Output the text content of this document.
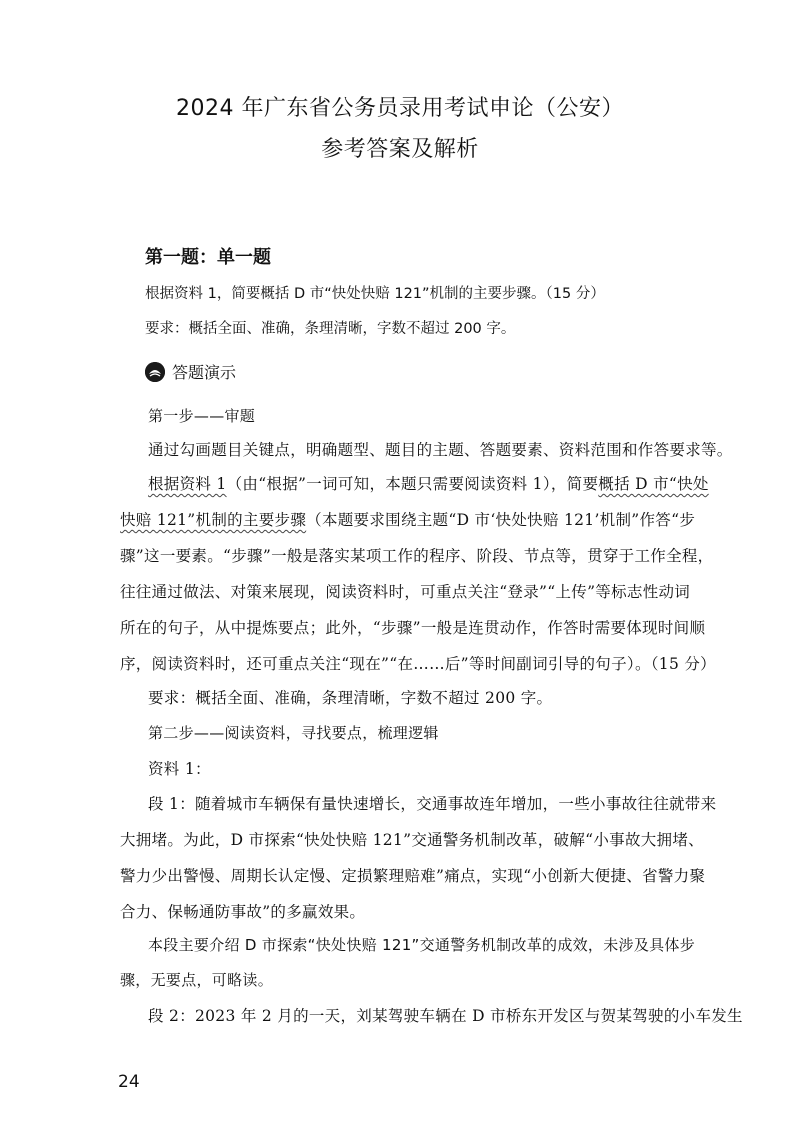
2024 年广东省公务员录用考试申论（公安）
参考答案及解析
第一题：单一题
根据资料 1，简要概括 D 市“快处快赔 121”机制的主要步骤。（15 分）
要求：概括全面、准确，条理清晰，字数不超过 200 字。
答题演示
第一步——审题
通过勾画题目关键点，明确题型、题目的主题、答题要素、资料范围和作答要求等。
根据资料 1（由“根据”一词可知，本题只需要阅读资料 1），简要概括 D 市“快处
快赔 121”机制的主要步骤（本题要求围绕主题“D 市‘快处快赔 121’机制”作答“步
骤”这一要素。“步骤”一般是落实某项工作的程序、阶段、节点等，贯穿于工作全程，
往往通过做法、对策来展现，阅读资料时，可重点关注“登录”“上传”等标志性动词
所在的句子，从中提炼要点；此外，“步骤”一般是连贯动作，作答时需要体现时间顺
序，阅读资料时，还可重点关注“现在”“在……后”等时间副词引导的句子）。（15 分）
要求：概括全面、准确，条理清晰，字数不超过 200 字。
第二步——阅读资料，寻找要点，梳理逻辑
资料 1：
段 1：随着城市车辆保有量快速增长，交通事故连年增加，一些小事故往往就带来
大拥堵。为此，D 市探索“快处快赔 121”交通警务机制改革，破解“小事故大拥堵、
警力少出警慢、周期长认定慢、定损繁理赔难”痛点，实现“小创新大便捷、省警力聚
合力、保畅通防事故”的多赢效果。
本段主要介绍 D 市探索“快处快赔 121”交通警务机制改革的成效，未涉及具体步
骤，无要点，可略读。
段 2：2023 年 2 月的一天，刘某驾驶车辆在 D 市桥东开发区与贺某驾驶的小车发生
24
